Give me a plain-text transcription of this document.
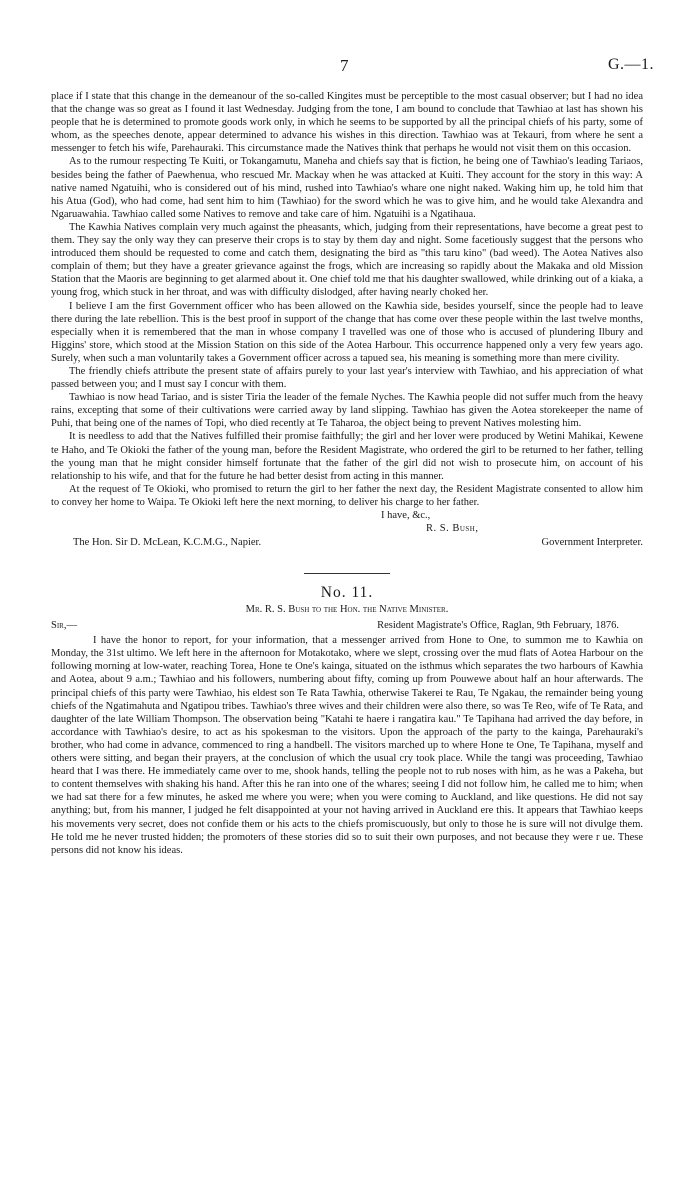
7	G.—1.

place if I state that this change in the demeanour of the so-called Kingites must be perceptible to the most casual observer; but I had no idea that the change was so great as I found it last Wednesday. Judging from the tone, I am bound to conclude that Tawhiao at last has shown his people that he is determined to promote goods work only, in which he seems to be supported by all the principal chiefs of his party, some of whom, as the speeches denote, appear determined to advance his wishes in this direction. Tawhiao was at Tekauri, from where he sent a messenger to fetch his wife, Parehauraki. This circumstance made the Natives think that perhaps he would not visit them on this occasion.

As to the rumour respecting Te Kuiti, or Tokangamutu, Maneha and chiefs say that is fiction, he being one of Tawhiao's leading Tariaos, besides being the father of Paewhenua, who rescued Mr. Mackay when he was attacked at Kuiti. They account for the story in this way: A native named Ngatuihi, who is considered out of his mind, rushed into Tawhiao's whare one night naked. Waking him up, he told him that his Atua (God), who had come, had sent him to him (Tawhiao) for the sword which he was to give him, and he would take Alexandra and Ngaruawahia. Tawhiao called some Natives to remove and take care of him. Ngatuihi is a Ngatihaua.

The Kawhia Natives complain very much against the pheasants, which, judging from their representations, have become a great pest to them. They say the only way they can preserve their crops is to stay by them day and night. Some facetiously suggest that the persons who introduced them should be requested to come and catch them, designating the bird as "this taru kino" (bad weed). The Aotea Natives also complain of them; but they have a greater grievance against the frogs, which are increasing so rapidly about the Makaka and old Mission Station that the Maoris are beginning to get alarmed about it. One chief told me that his daughter swallowed, while drinking out of a kiaka, a young frog, which stuck in her throat, and was with difficulty dislodged, after having nearly choked her.

I believe I am the first Government officer who has been allowed on the Kawhia side, besides yourself, since the people had to leave there during the late rebellion. This is the best proof in support of the change that has come over these people within the last twelve months, especially when it is remembered that the man in whose company I travelled was one of those who is accused of plundering Ilbury and Higgins' store, which stood at the Mission Station on this side of the Aotea Harbour. This occurrence happened only a very few years ago. Surely, when such a man voluntarily takes a Government officer across a tapued sea, his meaning is something more than mere civility.

The friendly chiefs attribute the present state of affairs purely to your last year's interview with Tawhiao, and his appreciation of what passed between you; and I must say I concur with them.

Tawhiao is now head Tariao, and is sister Tiria the leader of the female Nyches. The Kawhia people did not suffer much from the heavy rains, excepting that some of their cultivations were carried away by land slipping. Tawhiao has given the Aotea storekeeper the name of Puhi, that being one of the names of Topi, who died recently at Te Taharoa, the object being to prevent Natives molesting him.

It is needless to add that the Natives fulfilled their promise faithfully; the girl and her lover were produced by Wetini Mahikai, Kewene te Haho, and Te Okioki the father of the young man, before the Resident Magistrate, who ordered the girl to be returned to her father, telling the young man that he might consider himself fortunate that the father of the girl did not wish to prosecute him, on account of his relationship to his wife, and that for the future he had better desist from acting in this manner.

At the request of Te Okioki, who promised to return the girl to her father the next day, the Resident Magistrate consented to allow him to convey her home to Waipa. Te Okioki left here the next morning, to deliver his charge to her father.

I have, &c.,
R. S. Bush,
The Hon. Sir D. McLean, K.C.M.G., Napier.	Government Interpreter.
No. 11.
Mr. R. S. Bush to the Hon. the Native Minister.
Sir,—	Resident Magistrate's Office, Raglan, 9th February, 1876.

I have the honor to report, for your information, that a messenger arrived from Hone to One, to summon me to Kawhia on Monday, the 31st ultimo. We left here in the afternoon for Motakotako, where we slept, crossing over the mud flats of Aotea Harbour on the following morning at low-water, reaching Torea, Hone te One's kainga, situated on the isthmus which separates the two harbours of Kawhia and Aotea, about 9 a.m.; Tawhiao and his followers, numbering about fifty, coming up from Pouwewe about half an hour afterwards. The principal chiefs of this party were Tawhiao, his eldest son Te Rata Tawhia, otherwise Takerei te Rau, Te Ngakau, the remainder being young chiefs of the Ngatimahuta and Ngatipou tribes. Tawhiao's three wives and their children were also there, so was Te Reo, wife of Te Rata, and daughter of the late William Thompson. The observation being "Katahi te haere i rangatira kau." Te Tapihana had arrived the day before, in accordance with Tawhiao's desire, to act as his spokesman to the visitors. Upon the approach of the party to the kainga, Parehauraki's brother, who had come in advance, commenced to ring a handbell. The visitors marched up to where Hone te One, Te Tapihana, myself and others were sitting, and began their prayers, at the conclusion of which the usual cry took place. While the tangi was proceeding, Tawhiao heard that I was there. He immediately came over to me, shook hands, telling the people not to rub noses with him, as he was a Pakeha, but to content themselves with shaking his hand. After this he ran into one of the whares; seeing I did not follow him, he called me to him; when we had sat there for a few minutes, he asked me where you were; when you were coming to Auckland, and like questions. He did not say anything; but, from his manner, I judged he felt disappointed at your not having arrived in Auckland ere this. It appears that Tawhiao keeps his movements very secret, does not confide them or his acts to the chiefs promiscuously, but only to those he is sure will not divulge them. He told me he never trusted hidden; the promoters of these stories did so to suit their own purposes, and not because they were r ue. These persons did not know his ideas.
